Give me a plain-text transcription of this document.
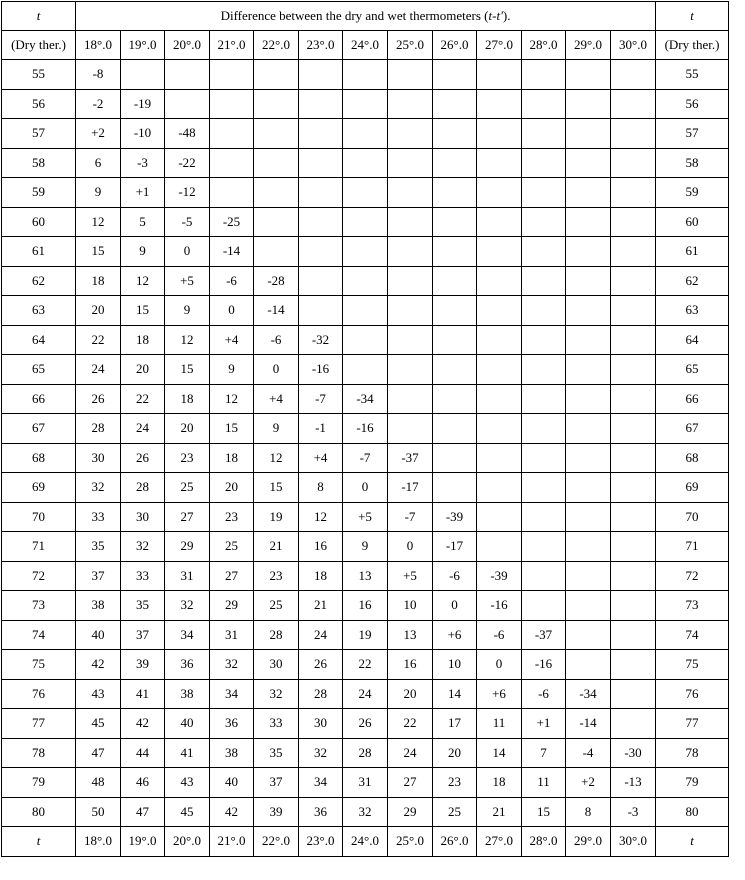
t	Difference between the dry and wet thermometers (t-t').													t
(Dry ther.)	18°.0	19°.0	20°.0	21°.0	22°.0	23°.0	24°.0	25°.0	26°.0	27°.0	28°.0	29°.0	30°.0	(Dry ther.)
55	-8													55
56	-2	-19												56
57	+2	-10	-48											57
58	6	-3	-22											58
59	9	+1	-12											59
60	12	5	-5	-25										60
61	15	9	0	-14										61
62	18	12	+5	-6	-28									62
63	20	15	9	0	-14									63
64	22	18	12	+4	-6	-32								64
65	24	20	15	9	0	-16								65
66	26	22	18	12	+4	-7	-34							66
67	28	24	20	15	9	-1	-16							67
68	30	26	23	18	12	+4	-7	-37						68
69	32	28	25	20	15	8	0	-17						69
70	33	30	27	23	19	12	+5	-7	-39					70
71	35	32	29	25	21	16	9	0	-17					71
72	37	33	31	27	23	18	13	+5	-6	-39				72
73	38	35	32	29	25	21	16	10	0	-16				73
74	40	37	34	31	28	24	19	13	+6	-6	-37			74
75	42	39	36	32	30	26	22	16	10	0	-16			75
76	43	41	38	34	32	28	24	20	14	+6	-6	-34		76
77	45	42	40	36	33	30	26	22	17	11	+1	-14		77
78	47	44	41	38	35	32	28	24	20	14	7	-4	-30	78
79	48	46	43	40	37	34	31	27	23	18	11	+2	-13	79
80	50	47	45	42	39	36	32	29	25	21	15	8	-3	80
t	18°.0	19°.0	20°.0	21°.0	22°.0	23°.0	24°.0	25°.0	26°.0	27°.0	28°.0	29°.0	30°.0	t
